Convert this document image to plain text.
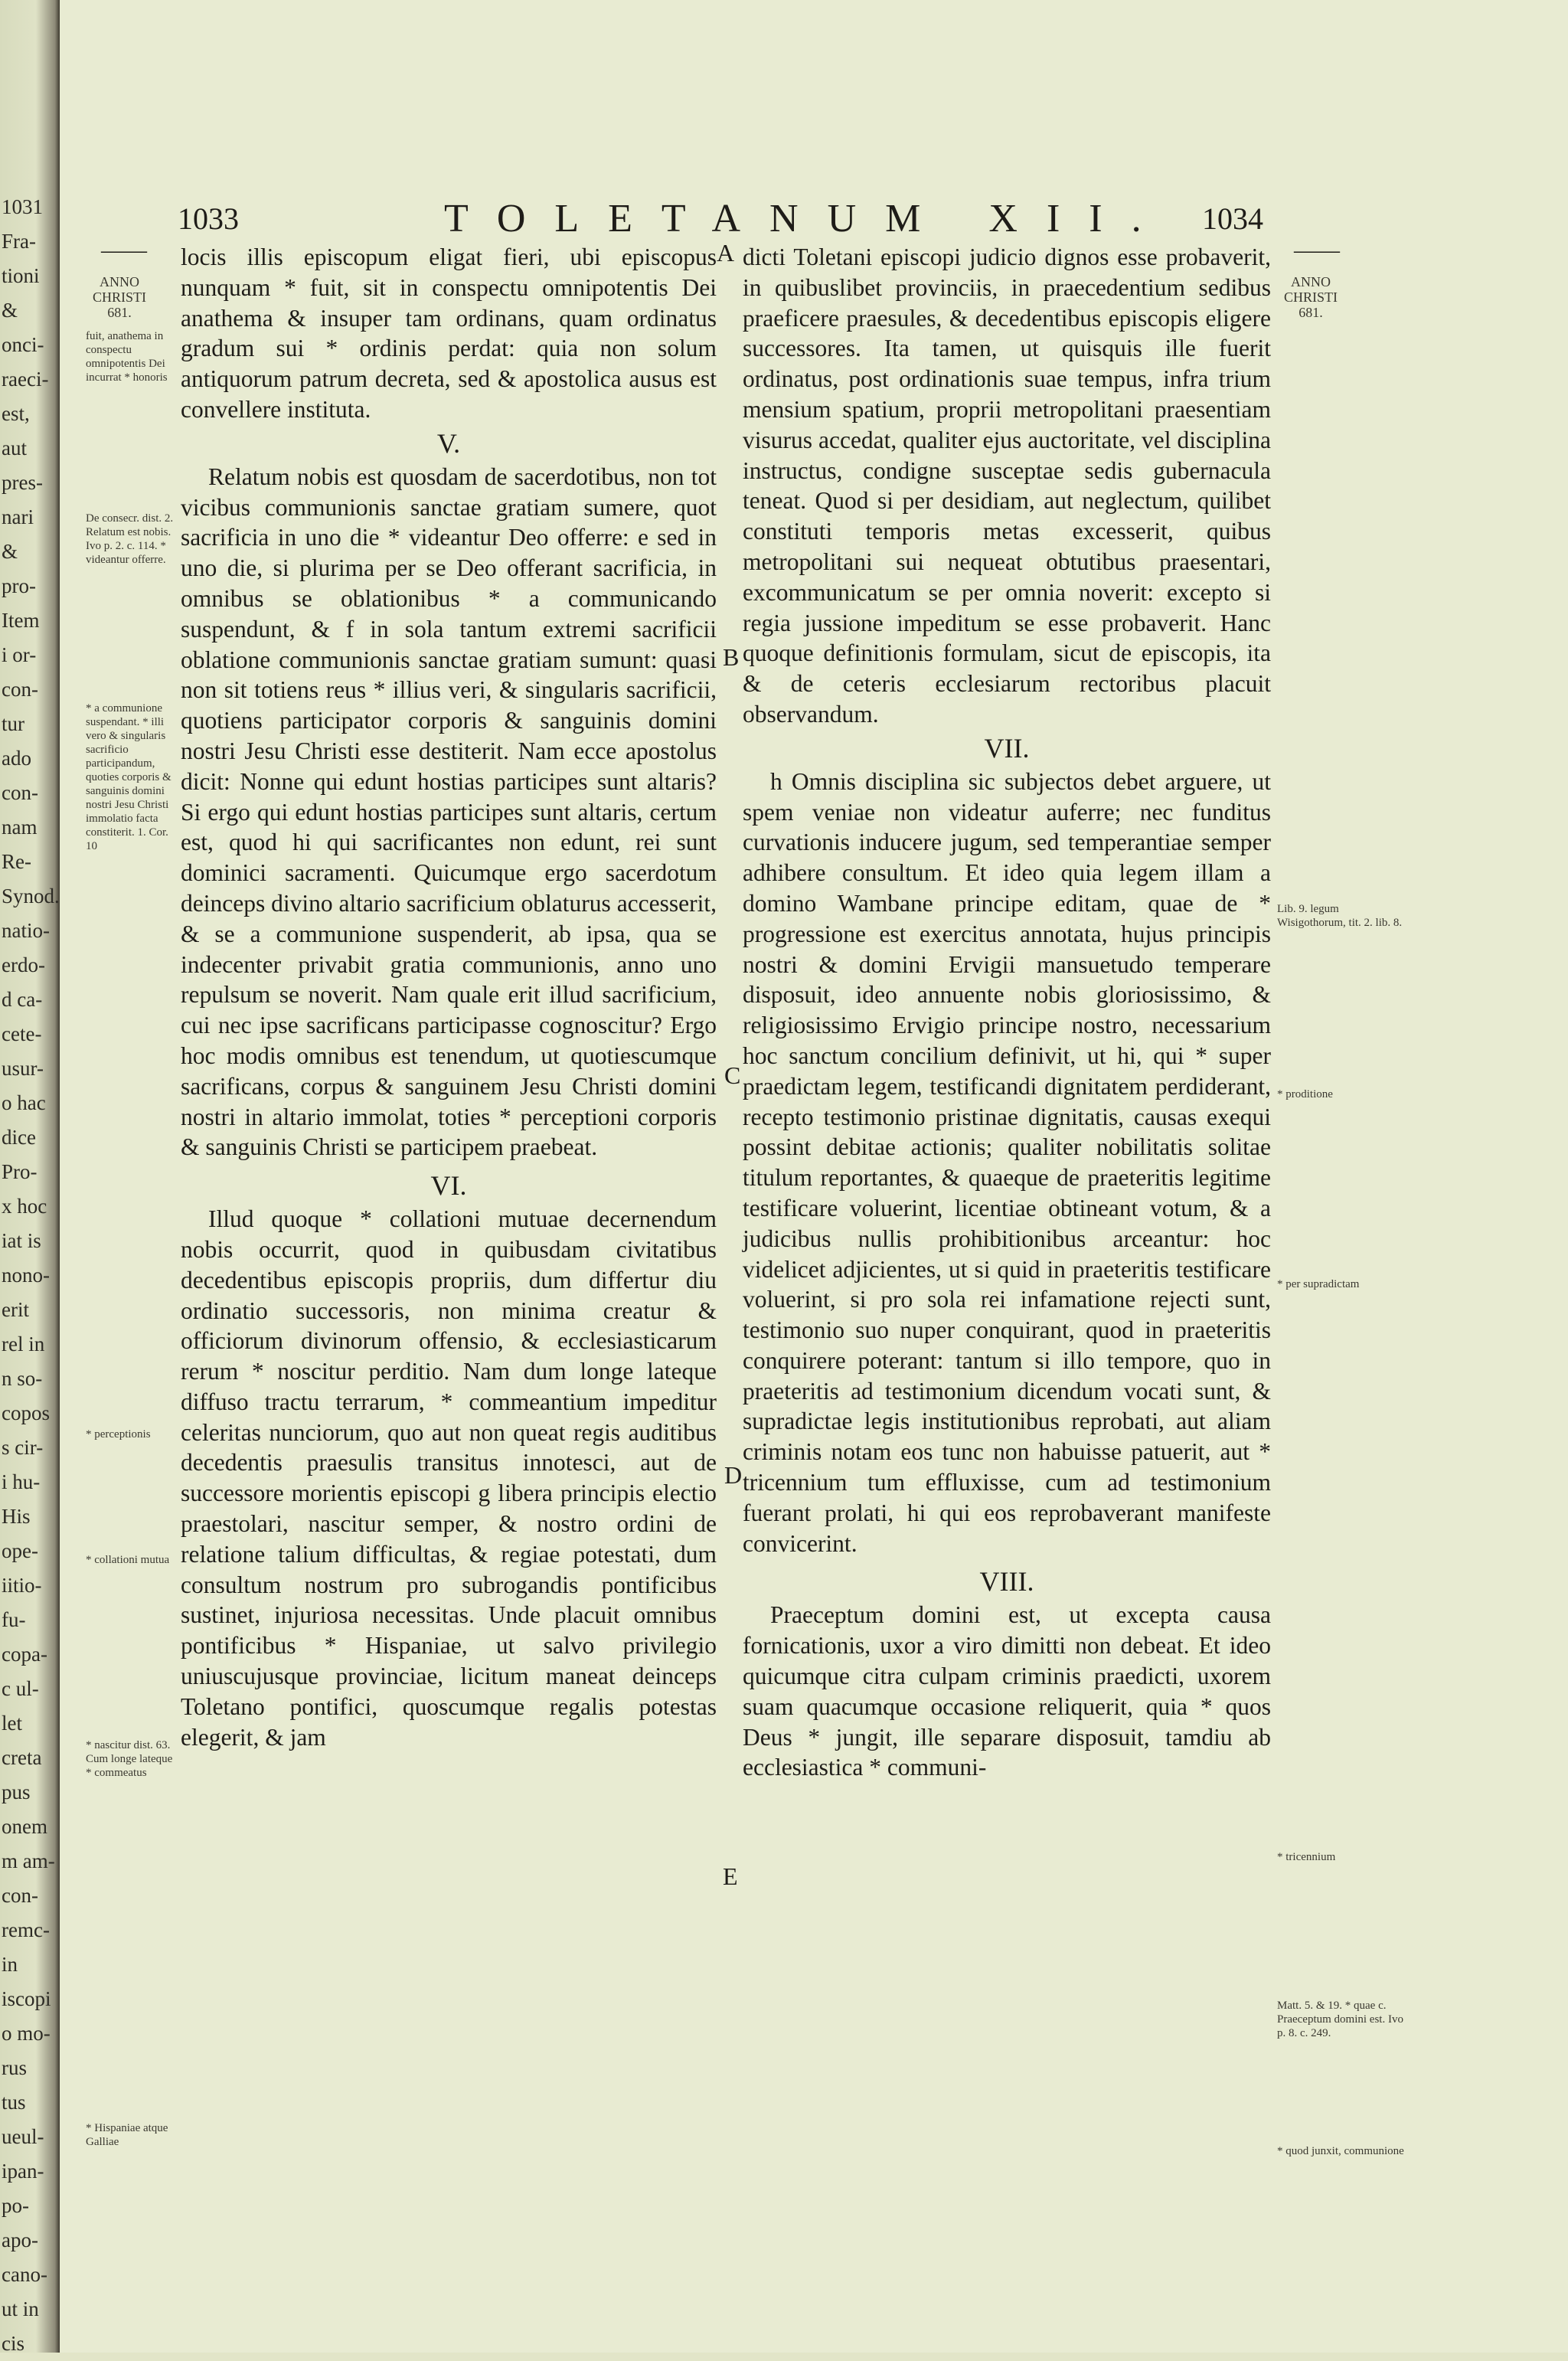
1031
Fra-
tioni
&
onci-
raeci-
est,
aut
pres-
nari
&
pro-
Item
i or-
con-
tur
ado
con-
nam
Re-
Synod.
natio-
erdo-
d ca-
cete-
usur-
o hac
dice
Pro-
x hoc
iat is
nono-
erit
rel in
n so-
copos
s cir-
i hu-
His
ope-
iitio-
fu-
copa-
c ul-
let
creta
pus
onem
m am-
con-
remc-
in
iscopi
o mo-
rus
tus
ueul-
ipan-
po-
apo-
cano-
ut in
cis
1033	TOLETANUM XII. 1034
——	——

locis illis episcopum eligat fieri, ubi episcopus nunquam * fuit, sit in conspectu omnipotentis Dei anathema & insuper tam ordinans, quam ordinatus gradum sui * ordinis perdat: quia non solum antiquorum patrum decreta, sed & apostolica ausus est convellere instituta.

V.

Relatum nobis est quosdam de sacerdotibus, non tot vicibus communionis sanctae gratiam sumere, quot sacrificia in uno die * videantur Deo offerre: e sed in uno die, si plurima per se Deo offerant sacrificia, in omnibus se oblationibus * a communicando suspendunt, & f in sola tantum extremi sacrificii oblatione communionis sanctae gratiam sumunt: quasi non sit totiens reus * illius veri, & singularis sacrificii, quotiens participator corporis & sanguinis domini nostri Jesu Christi esse destiterit. Nam ecce apostolus dicit: Nonne qui edunt hostias participes sunt altaris? Si ergo qui edunt hostias participes sunt altaris, certum est, quod hi qui sacrificantes non edunt, rei sunt dominici sacramenti. Quicumque ergo sacerdotum deinceps divino altario sacrificium oblaturus accesserit, & se a communione suspenderit, ab ipsa, qua se indecenter privabit gratia communionis, anno uno repulsum se noverit. Nam quale erit illud sacrificium, cui nec ipse sacrificans participasse cognoscitur? Ergo hoc modis omnibus est tenendum, ut quotiescumque sacrificans, corpus & sanguinem Jesu Christi domini nostri in altario immolat, toties * perceptioni corporis & sanguinis Christi se participem praebeat.

VI.

Illud quoque * collationi mutuae decernendum nobis occurrit, quod in quibusdam civitatibus decedentibus episcopis propriis, dum differtur diu ordinatio successoris, non minima creatur & officiorum divinorum offensio, & ecclesiasticarum rerum * noscitur perditio. Nam dum longe lateque diffuso tractu terrarum, * commeantium impeditur celeritas nunciorum, quo aut non queat regis auditibus decedentis praesulis transitus innotesci, aut de successore morientis episcopi g libera principis electio praestolari, nascitur semper, & nostro ordini de relatione talium difficultas, & regiae potestati, dum consultum nostrum pro subrogandis pontificibus sustinet, injuriosa necessitas. Unde placuit omnibus pontificibus * Hispaniae, ut salvo privilegio uniuscujusque provinciae, licitum maneat deinceps Toletano pontifici, quoscumque regalis potestas elegerit, & jam

dicti Toletani episcopi judicio dignos esse probaverit, in quibuslibet provinciis, in praecedentium sedibus praeficere praesules, & decedentibus episcopis eligere successores. Ita tamen, ut quisquis ille fuerit ordinatus, post ordinationis suae tempus, infra trium mensium spatium, proprii metropolitani praesentiam visurus accedat, qualiter ejus auctoritate, vel disciplina instructus, condigne susceptae sedis gubernacula teneat. Quod si per desidiam, aut neglectum, quilibet constituti temporis metas excesserit, quibus metropolitani sui nequeat obtutibus praesentari, excommunicatum se per omnia noverit: excepto si regia jussione impeditum se esse probaverit. Hanc quoque definitionis formulam, sicut de episcopis, ita & de ceteris ecclesiarum rectoribus placuit observandum.

VII.

h Omnis disciplina sic subjectos debet arguere, ut spem veniae non videatur auferre; nec funditus curvationis inducere jugum, sed temperantiae semper adhibere consultum. Et ideo quia legem illam a domino Wambane principe editam, quae de * progressione est exercitus annotata, hujus principis nostri & domini Ervigii mansuetudo temperare disposuit, ideo annuente nobis gloriosissimo, & religiosissimo Ervigio principe nostro, necessarium hoc sanctum concilium definivit, ut hi, qui * super praedictam legem, testificandi dignitatem perdiderant, recepto testimonio pristinae dignitatis, causas exequi possint debitae actionis; qualiter nobilitatis solitae titulum reportantes, & quaeque de praeteritis legitime testificare voluerint, licentiae obtineant votum, & a judicibus nullis prohibitionibus arceantur: hoc videlicet adjicientes, ut si quid in praeteritis testificare voluerint, si pro sola rei infamatione rejecti sunt, testimonio suo nuper conquirant, quod in praeteritis conquirere poterant: tantum si illo tempore, quo in praeteritis ad testimonium dicendum vocati sunt, & supradictae legis institutionibus reprobati, aut aliam criminis notam eos tunc non habuisse patuerit, aut * tricennium tum effluxisse, cum ad testimonium fuerant prolati, hi qui eos reprobaverant manifeste convicerint.

VIII.

Praeceptum domini est, ut excepta causa fornicationis, uxor a viro dimitti non debeat. Et ideo quicumque citra culpam criminis praedicti, uxorem suam quacumque occasione reliquerit, quia * quos Deus * jungit, ille separare disposuit, tamdiu ab ecclesiastica * communi-

ANNO CHRISTI 681.
fuit, anathema in conspectu omnipotentis Dei incurrat * honoris
De consecr. dist. 2. Relatum est nobis. Ivo p. 2. c. 114. * videantur offerre.
* a communione suspendant. * illi vero & singularis sacrificio participandum, quoties corporis & sanguinis domini nostri Jesu Christi immolatio facta constiterit. 1. Cor. 10
* perceptionis
* collationi mutua
* nascitur dist. 63. Cum longe lateque * commeatus
* Hispaniae atque Galliae
ANNO CHRISTI 681.
Lib. 9. legum Wisigothorum, tit. 2. lib. 8.
* proditione
* per supradictam
* tricennium
Matt. 5. & 19. * quae c. Praeceptum domini est. Ivo p. 8. c. 249.
* quod junxit, communione
A
B
C
D
E
